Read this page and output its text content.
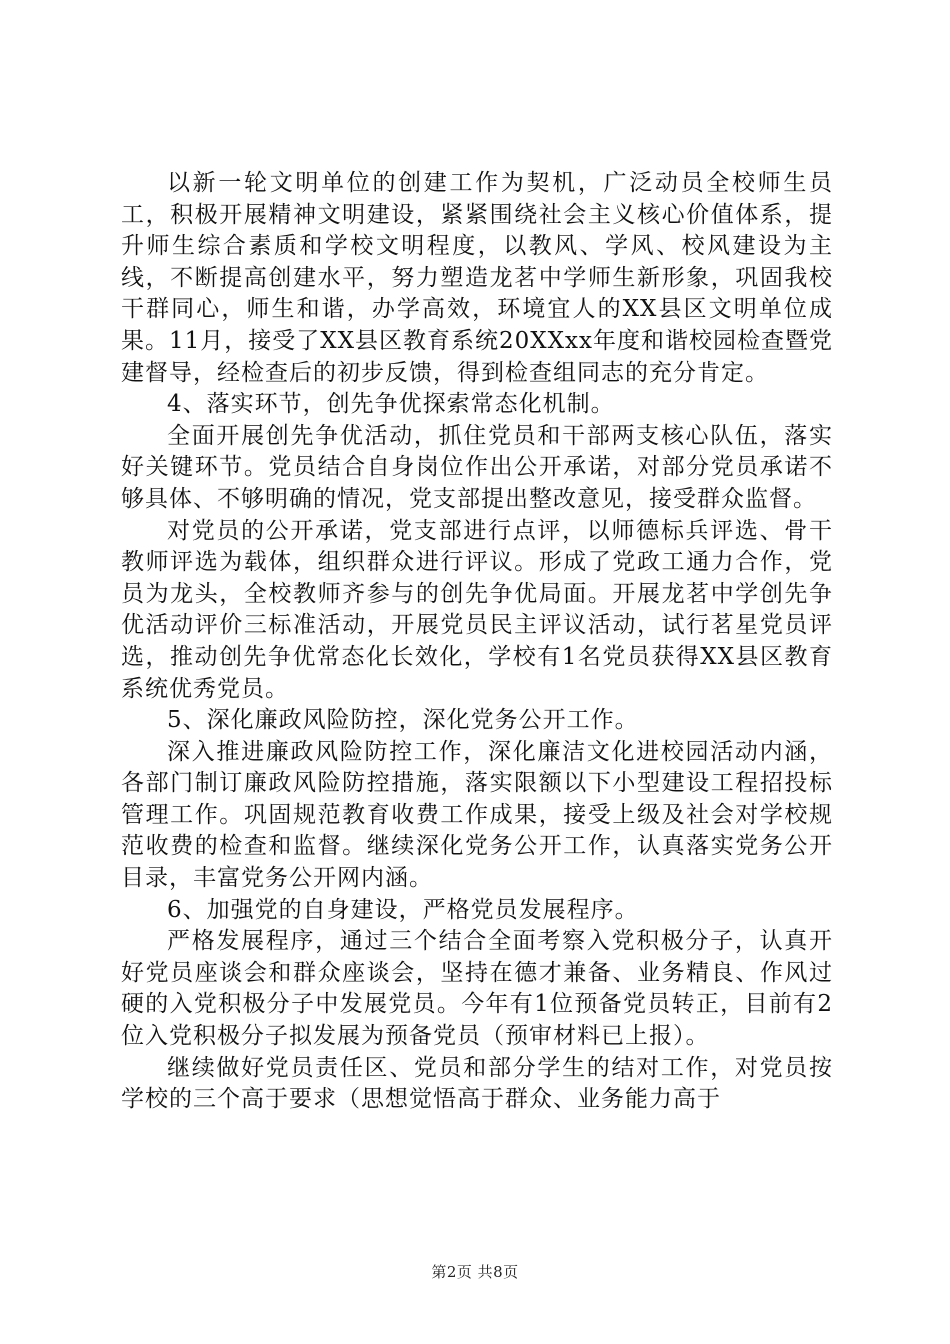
以新一轮文明单位的创建工作为契机，广泛动员全校师生员工，积极开展精神文明建设，紧紧围绕社会主义核心价值体系，提升师生综合素质和学校文明程度，以教风、学风、校风建设为主线，不断提高创建水平，努力塑造龙茗中学师生新形象，巩固我校干群同心，师生和谐，办学高效，环境宜人的XX县区文明单位成果。11月，接受了XX县区教育系统20XXxx年度和谐校园检查暨党建督导，经检查后的初步反馈，得到检查组同志的充分肯定。

4、落实环节，创先争优探索常态化机制。

全面开展创先争优活动，抓住党员和干部两支核心队伍，落实好关键环节。党员结合自身岗位作出公开承诺，对部分党员承诺不够具体、不够明确的情况，党支部提出整改意见，接受群众监督。

对党员的公开承诺，党支部进行点评，以师德标兵评选、骨干教师评选为载体，组织群众进行评议。形成了党政工通力合作，党员为龙头，全校教师齐参与的创先争优局面。开展龙茗中学创先争优活动评价三标准活动，开展党员民主评议活动，试行茗星党员评选，推动创先争优常态化长效化，学校有1名党员获得XX县区教育系统优秀党员。

5、深化廉政风险防控，深化党务公开工作。

深入推进廉政风险防控工作，深化廉洁文化进校园活动内涵，各部门制订廉政风险防控措施，落实限额以下小型建设工程招投标管理工作。巩固规范教育收费工作成果，接受上级及社会对学校规范收费的检查和监督。继续深化党务公开工作，认真落实党务公开目录，丰富党务公开网内涵。

6、加强党的自身建设，严格党员发展程序。

严格发展程序，通过三个结合全面考察入党积极分子，认真开好党员座谈会和群众座谈会，坚持在德才兼备、业务精良、作风过硬的入党积极分子中发展党员。今年有1位预备党员转正，目前有2位入党积极分子拟发展为预备党员（预审材料已上报）。

继续做好党员责任区、党员和部分学生的结对工作，对党员按学校的三个高于要求（思想觉悟高于群众、业务能力高于

第2页 共8页
